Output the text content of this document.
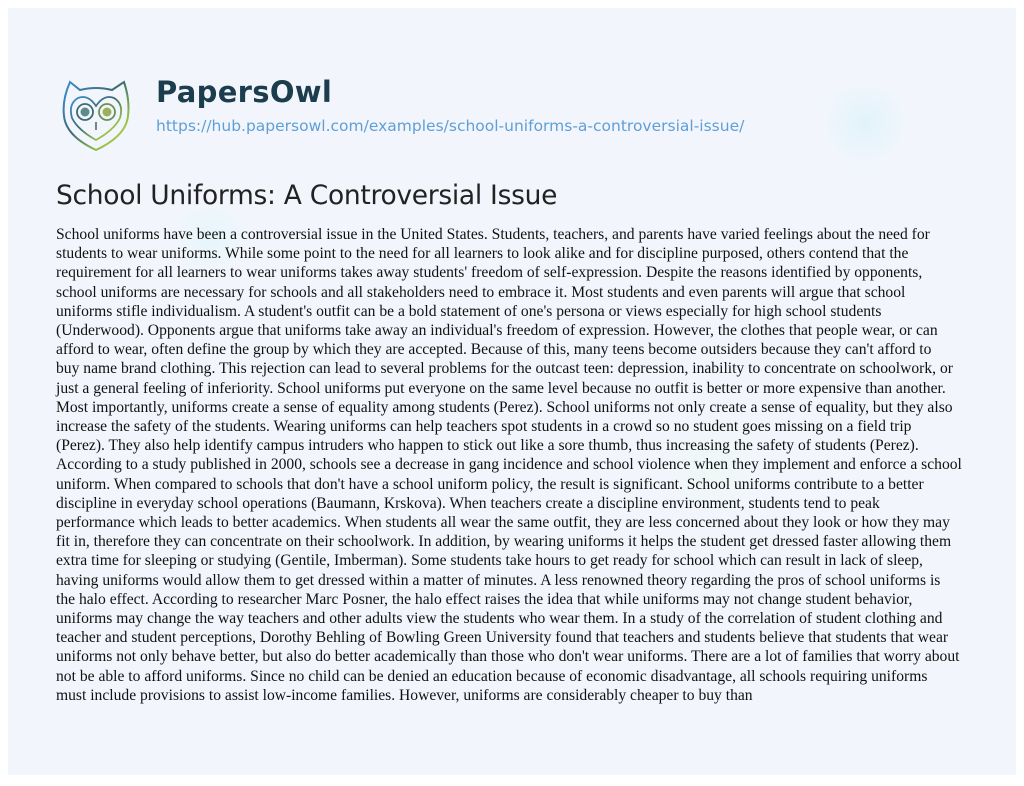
PapersOwl
https://hub.papersowl.com/examples/school-uniforms-a-controversial-issue/
School Uniforms: A Controversial Issue

School uniforms have been a controversial issue in the United States. Students, teachers, and parents have varied feelings about the need for
students to wear uniforms. While some point to the need for all learners to look alike and for discipline purposed, others contend that the
requirement for all learners to wear uniforms takes away students' freedom of self-expression. Despite the reasons identified by opponents,
school uniforms are necessary for schools and all stakeholders need to embrace it. Most students and even parents will argue that school
uniforms stifle individualism. A student's outfit can be a bold statement of one's persona or views especially for high school students
(Underwood). Opponents argue that uniforms take away an individual's freedom of expression. However, the clothes that people wear, or can
afford to wear, often define the group by which they are accepted. Because of this, many teens become outsiders because they can't afford to
buy name brand clothing. This rejection can lead to several problems for the outcast teen: depression, inability to concentrate on schoolwork, or
just a general feeling of inferiority. School uniforms put everyone on the same level because no outfit is better or more expensive than another.
Most importantly, uniforms create a sense of equality among students (Perez). School uniforms not only create a sense of equality, but they also
increase the safety of the students. Wearing uniforms can help teachers spot students in a crowd so no student goes missing on a field trip
(Perez). They also help identify campus intruders who happen to stick out like a sore thumb, thus increasing the safety of students (Perez).
According to a study published in 2000, schools see a decrease in gang incidence and school violence when they implement and enforce a school
uniform. When compared to schools that don't have a school uniform policy, the result is significant. School uniforms contribute to a better
discipline in everyday school operations (Baumann, Krskova). When teachers create a discipline environment, students tend to peak
performance which leads to better academics. When students all wear the same outfit, they are less concerned about they look or how they may
fit in, therefore they can concentrate on their schoolwork. In addition, by wearing uniforms it helps the student get dressed faster allowing them
extra time for sleeping or studying (Gentile, Imberman). Some students take hours to get ready for school which can result in lack of sleep,
having uniforms would allow them to get dressed within a matter of minutes. A less renowned theory regarding the pros of school uniforms is
the halo effect. According to researcher Marc Posner, the halo effect raises the idea that while uniforms may not change student behavior,
uniforms may change the way teachers and other adults view the students who wear them. In a study of the correlation of student clothing and
teacher and student perceptions, Dorothy Behling of Bowling Green University found that teachers and students believe that students that wear
uniforms not only behave better, but also do better academically than those who don't wear uniforms. There are a lot of families that worry about
not be able to afford uniforms. Since no child can be denied an education because of economic disadvantage, all schools requiring uniforms
must include provisions to assist low-income families. However, uniforms are considerably cheaper to buy than
